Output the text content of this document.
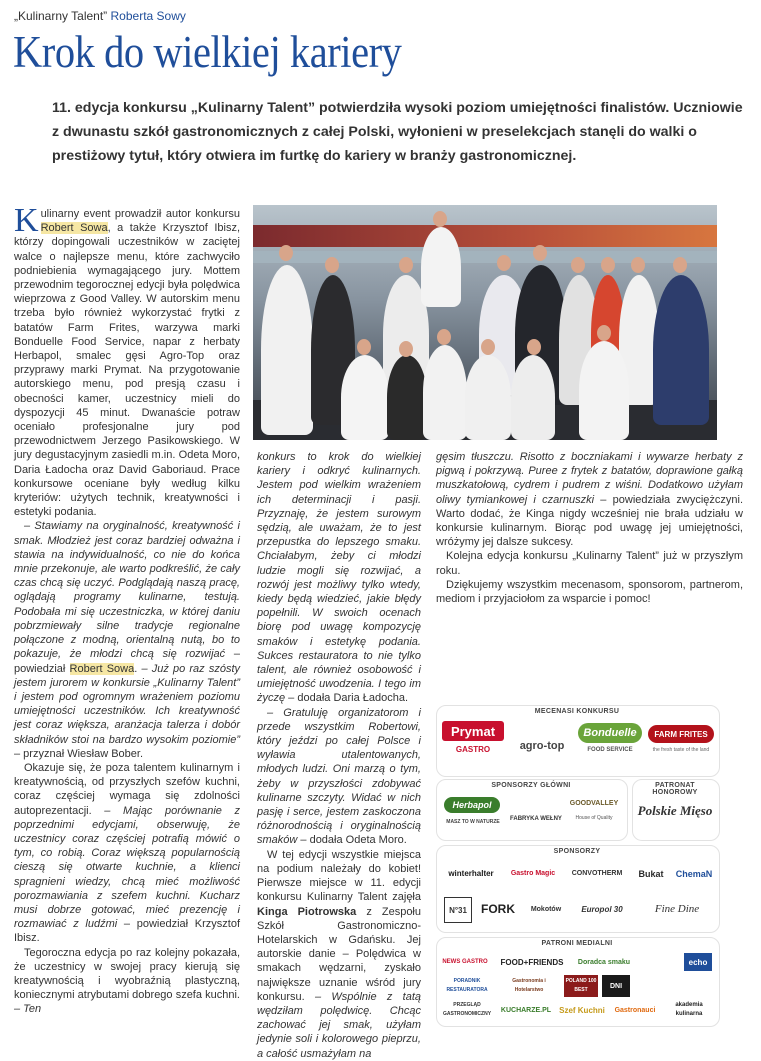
„Kulinarny Talent” Roberta Sowy
Krok do wielkiej kariery

11. edycja konkursu „Kulinarny Talent” potwierdziła wysoki poziom umiejętności finalistów. Uczniowie z dwunastu szkół gastronomicznych z całej Polski, wyłonieni w preselekcjach stanęli do walki o prestiżowy tytuł, który otwiera im furtkę do kariery w branży gastronomicznej.

Kulinarny event prowadził autor konkursu Robert Sowa, a także Krzysztof Ibisz, którzy dopingowali uczestników w zaciętej walce o najlepsze menu, które zachwyciło podniebienia wymagającego jury. Mottem przewodnim tegorocznej edycji była polędwica wieprzowa z Good Valley. W autorskim menu trzeba było również wykorzystać frytki z batatów Farm Frites, warzywa marki Bonduelle Food Service, napar z herbaty Herbapol, smalec gęsi Agro-Top oraz przyprawy marki Prymat. Na przygotowanie autorskiego menu, pod presją czasu i obecności kamer, uczestnicy mieli do dyspozycji 45 minut. Dwanaście potraw oceniało profesjonalne jury pod przewodnictwem Jerzego Pasikowskiego. W jury degustacyjnym zasiedli m.in. Odeta Moro, Daria Ładocha oraz David Gaboriaud. Prace konkursowe oceniane były według kilku kryteriów: użytych technik, kreatywności i estetyki podania.

– Stawiamy na oryginalność, kreatywność i smak. Młodzież jest coraz bardziej odważna i stawia na indywidualność, co nie do końca mnie przekonuje, ale warto podkreślić, że cały czas chcą się uczyć. Podglądają naszą pracę, oglądają programy kulinarne, testują. Podobała mi się uczestniczka, w której daniu pobrzmiewały silne tradycje regionalne połączone z modną, orientalną nutą, bo to pokazuje, że młodzi chcą się rozwijać – powiedział Robert Sowa. – Już po raz szósty jestem jurorem w konkursie „Kulinarny Talent” i jestem pod ogromnym wrażeniem poziomu umiejętności uczestników. Ich kreatywność jest coraz większa, aranżacja talerza i dobór składników stoi na bardzo wysokim poziomie” – przyznał Wiesław Bober.

Okazuje się, że poza talentem kulinarnym i kreatywnością, od przyszłych szefów kuchni, coraz częściej wymaga się zdolności autoprezentacji. – Mając porównanie z poprzednimi edycjami, obserwuję, że uczestnicy coraz częściej potrafią mówić o tym, co robią. Coraz większą popularnością cieszą się otwarte kuchnie, a klienci spragnieni wiedzy, chcą mieć możliwość porozmawiania z szefem kuchni. Kucharz musi dobrze gotować, mieć prezencję i rozmawiać z ludźmi – powiedział Krzysztof Ibisz.

Tegoroczna edycja po raz kolejny pokazała, że uczestnicy w swojej pracy kierują się kreatywnością i wyobraźnią plastyczną, koniecznymi atrybutami dobrego szefa kuchni. – Ten

konkurs to krok do wielkiej kariery i odkryć kulinarnych. Jestem pod wielkim wrażeniem ich determinacji i pasji. Przyznaję, że jestem surowym sędzią, ale uważam, że to jest przepustka do lepszego smaku. Chciałabym, żeby ci młodzi ludzie mogli się rozwijać, a rozwój jest możliwy tylko wtedy, kiedy będą wiedzieć, jakie błędy popełnili. W swoich ocenach biorę pod uwagę kompozycję smaków i estetykę podania. Sukces restauratora to nie tylko talent, ale również osobowość i umiejętność uwodzenia. I tego im życzę – dodała Daria Ładocha.

– Gratuluję organizatorom i przede wszystkim Robertowi, który jeździ po całej Polsce i wyławia utalentowanych, młodych ludzi. Oni marzą o tym, żeby w przyszłości zdobywać kulinarne szczyty. Widać w nich pasję i serce, jestem zaskoczona różnorodnością i oryginalnością smaków – dodała Odeta Moro.

W tej edycji wszystkie miejsca na podium należały do kobiet! Pierwsze miejsce w 11. edycji konkursu Kulinarny Talent zajęła Kinga Piotrowska z Zespołu Szkół Gastronomiczno-Hotelarskich w Gdańsku. Jej autorskie danie – Polędwica w smakach wędzarni, zyskało największe uznanie wśród jury konkursu. – Wspólnie z tatą wędziłam polędwicę. Chcąc zachować jej smak, użyłam jedynie soli i kolorowego pieprzu, a całość usmażyłam na

gęsim tłuszczu. Risotto z boczniakami i wywarze herbaty z pigwą i pokrzywą. Puree z frytek z batatów, doprawione gałką muszkatołową, cydrem i pudrem z wiśni. Dodatkowo użyłam oliwy tymiankowej i czarnuszki – powiedziała zwyciężczyni. Warto dodać, że Kinga nigdy wcześniej nie brała udziału w konkursie kulinarnym. Biorąc pod uwagę jej umiejętności, wróżymy jej dalsze sukcesy.

Kolejna edycja konkursu „Kulinarny Talent” już w przyszłym roku.

Dziękujemy wszystkim mecenasom, sponsorom, partnerom, mediom i przyjaciołom za wsparcie i pomoc!

MECENASI KONKURSU
Prymat
GASTRO	agro-top
Bonduelle
FOOD SERVICE
FARM FRITES
the fresh taste of the land
SPONSORZY GŁÓWNI
Herbapol
MASZ TO W NATURZE	FABRYKA WEŁNY
GOODVALLEY
House of Quality
PATRONAT HONOROWY
Polskie Mięso
SPONSORZY
winterhalter	Gastro Magic	CONVOTHERM	Bukat	ChemaN
N°31	FORK	Mokotów	Europol 30	Fine Dine
PATRONI MEDIALNI
NEWS GASTRO	FOOD+FRIENDS	Doradca smaku	echo
PORADNIK RESTAURATORA
Gastronomia i Hotelarstwo
POLAND 100 BEST
DNI
PRZEGLĄD GASTRONOMICZNY
KUCHARZE.PL	Szef Kuchni	Gastronauci
akademia kulinarna
